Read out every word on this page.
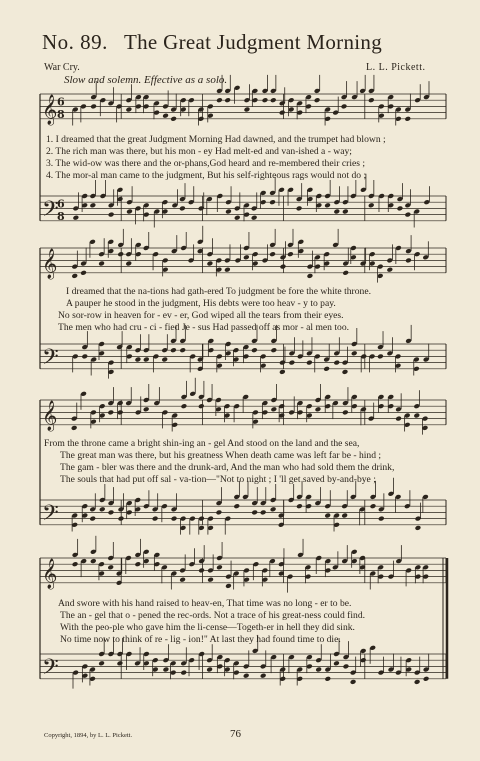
No. 89. The Great Judgment Morning
War Cry.	L. L. Pickett.
Slow and solemn. Effective as a solo.
𝄞 6
8
𝄢
6
8
𝄞
𝄢
𝄞
𝄢
𝄞
𝄢
1. I dreamed that the great Judgment Morning Had dawned, and the trumpet had blown ;
2. The rich man was there, but his mon - ey Had melt-ed and van-ished a - way;
3. The wid-ow was there and the or-phans,God heard and re-membered their cries ;
4. The mor-al man came to the judgment, But his self-righteous rags would not do ;
I dreamed that the na-tions had gath-ered To judgment be fore the white throne.
A pauper he stood in the judgment, His debts were too heav - y to pay.
No sor-row in heaven for - ev - er, God wiped all the tears from their eyes.
The men who had cru - ci - fied Je - sus Had passed off as mor - al men too.
From the throne came a bright shin-ing an - gel And stood on the land and the sea,
The great man was there, but his greatness When death came was left far be - hind ;
The gam - bler was there and the drunk-ard, And the man who had sold them the drink,
The souls that had put off sal - va-tion—"Not to night ; I 'll get saved by-and-bye ;
And swore with his hand raised to heav-en, That time was no long - er to be.
The an - gel that o - pened the rec-ords. Not a trace of his great-ness could find.
With the peo-ple who gave him the li-cense—Togeth-er in hell they did sink.
No time now to think of re - lig - ion!" At last they had found time to die.
Copyright, 1894, by L. L. Pickett.	76
